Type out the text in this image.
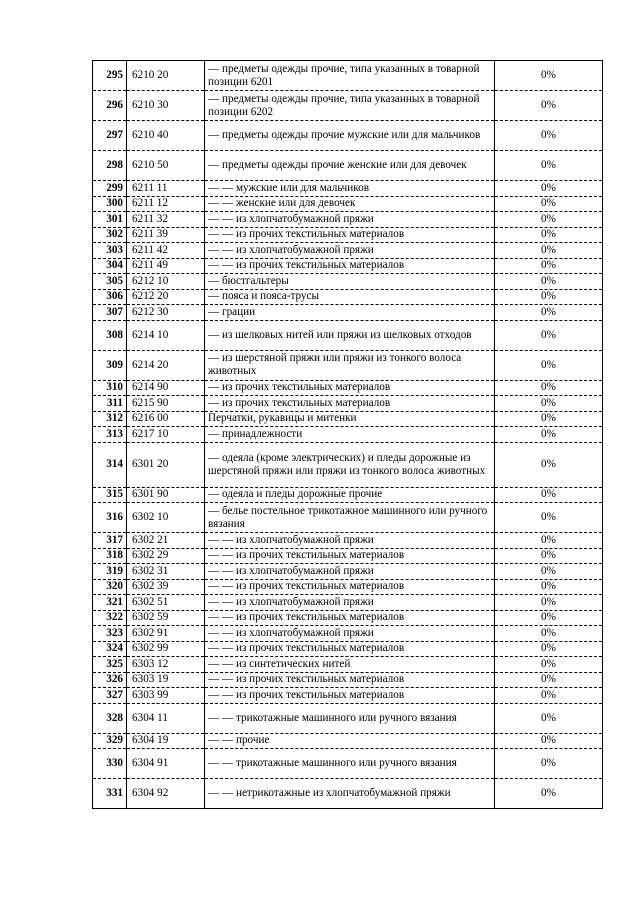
295	6210 20	— предметы одежды прочие, типа указанных в товарной позиции 6201	0%
296	6210 30	— предметы одежды прочие, типа указанных в товарной позиции 6202	0%
297	6210 40	— предметы одежды прочие мужские или для мальчиков	0%
298	6210 50	— предметы одежды прочие женские или для девочек	0%
299	6211 11	— — мужские или для мальчиков	0%
300	6211 12	— — женские или для девочек	0%
301	6211 32	— — из хлопчатобумажной пряжи	0%
302	6211 39	— — из прочих текстильных материалов	0%
303	6211 42	— — из хлопчатобумажной пряжи	0%
304	6211 49	— — из прочих текстильных материалов	0%
305	6212 10	— бюстгальтеры	0%
306	6212 20	— пояса и пояса-трусы	0%
307	6212 30	— грации	0%
308	6214 10	— из шелковых нитей или пряжи из шелковых отходов	0%
309	6214 20	— из шерстяной пряжи или пряжи из тонкого волоса животных	0%
310	6214 90	— из прочих текстильных материалов	0%
311	6215 90	— из прочих текстильных материалов	0%
312	6216 00	Перчатки, рукавицы и митенки	0%
313	6217 10	— принадлежности	0%
314	6301 20	— одеяла (кроме электрических) и пледы дорожные из шерстяной пряжи или пряжи из тонкого волоса животных	0%
315	6301 90	— одеяла и пледы дорожные прочие	0%
316	6302 10	— белье постельное трикотажное машинного или ручного вязания	0%
317	6302 21	— — из хлопчатобумажной пряжи	0%
318	6302 29	— — из прочих текстильных материалов	0%
319	6302 31	— — из хлопчатобумажной пряжи	0%
320	6302 39	— — из прочих текстильных материалов	0%
321	6302 51	— — из хлопчатобумажной пряжи	0%
322	6302 59	— — из прочих текстильных материалов	0%
323	6302 91	— — из хлопчатобумажной пряжи	0%
324	6302 99	— — из прочих текстильных материалов	0%
325	6303 12	— — из синтетических нитей	0%
326	6303 19	— — из прочих текстильных материалов	0%
327	6303 99	— — из прочих текстильных материалов	0%
328	6304 11	— — трикотажные машинного или ручного вязания	0%
329	6304 19	— — прочие	0%
330	6304 91	— — трикотажные машинного или ручного вязания	0%
331	6304 92	— — нетрикотажные из хлопчатобумажной пряжи	0%
